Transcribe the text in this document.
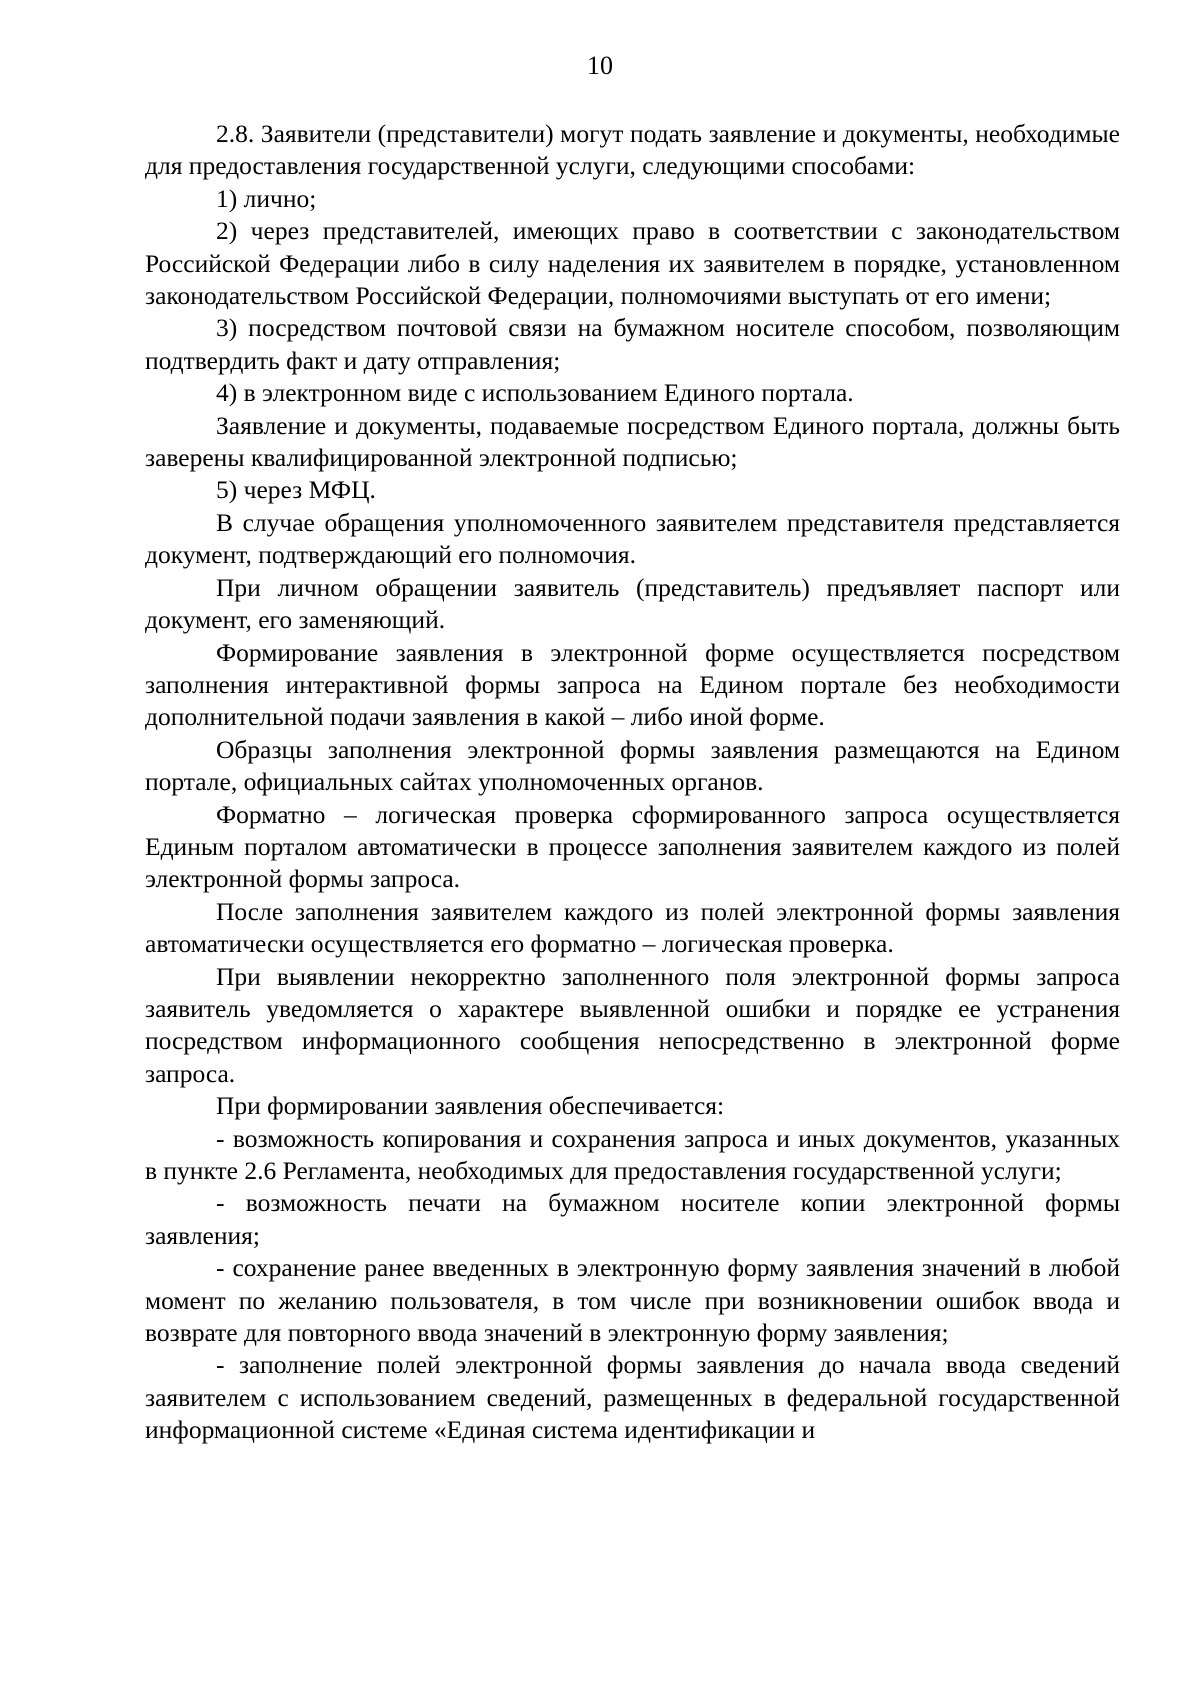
10

2.8. Заявители (представители) могут подать заявление и документы, необходимые для предоставления государственной услуги, следующими способами:

1) лично;

2) через представителей, имеющих право в соответствии с законодательством Российской Федерации либо в силу наделения их заявителем в порядке, установленном законодательством Российской Федерации, полномочиями выступать от его имени;

3) посредством почтовой связи на бумажном носителе способом, позволяющим подтвердить факт и дату отправления;

4) в электронном виде с использованием Единого портала.

Заявление и документы, подаваемые посредством Единого портала, должны быть заверены квалифицированной электронной подписью;

5) через МФЦ.

В случае обращения уполномоченного заявителем представителя представляется документ, подтверждающий его полномочия.

При личном обращении заявитель (представитель) предъявляет паспорт или документ, его заменяющий.

Формирование заявления в электронной форме осуществляется посредством заполнения интерактивной формы запроса на Едином портале без необходимости дополнительной подачи заявления в какой – либо иной форме.

Образцы заполнения электронной формы заявления размещаются на Едином портале, официальных сайтах уполномоченных органов.

Форматно – логическая проверка сформированного запроса осуществляется Единым порталом автоматически в процессе заполнения заявителем каждого из полей электронной формы запроса.

После заполнения заявителем каждого из полей электронной формы заявления автоматически осуществляется его форматно – логическая проверка.

При выявлении некорректно заполненного поля электронной формы запроса заявитель уведомляется о характере выявленной ошибки и порядке ее устранения посредством информационного сообщения непосредственно в электронной форме запроса.

При формировании заявления обеспечивается:

- возможность копирования и сохранения запроса и иных документов, указанных в пункте 2.6 Регламента, необходимых для предоставления государственной услуги;

- возможность печати на бумажном носителе копии электронной формы заявления;

- сохранение ранее введенных в электронную форму заявления значений в любой момент по желанию пользователя, в том числе при возникновении ошибок ввода и возврате для повторного ввода значений в электронную форму заявления;

- заполнение полей электронной формы заявления до начала ввода сведений заявителем с использованием сведений, размещенных в федеральной государственной информационной системе «Единая система идентификации и
